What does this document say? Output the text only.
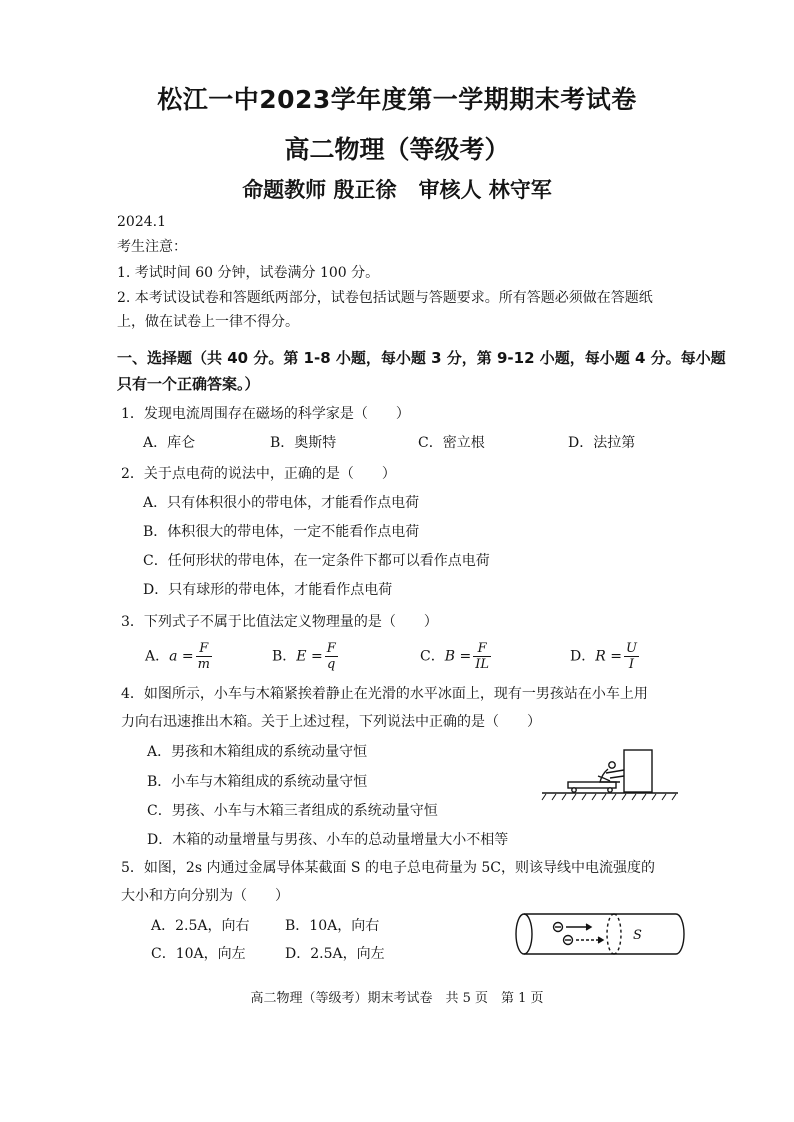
松江一中2023学年度第一学期期末考试卷
高二物理（等级考）
命题教师 殷正徐 审核人 林守军
2024.1
考生注意：
1. 考试时间 60 分钟，试卷满分 100 分。
2. 本考试设试卷和答题纸两部分，试卷包括试题与答题要求。所有答题必须做在答题纸
上，做在试卷上一律不得分。
一、选择题（共 40 分。第 1-8 小题，每小题 3 分，第 9-12 小题，每小题 4 分。每小题
只有一个正确答案。）
1．发现电流周围存在磁场的科学家是（　　）
A．库仑	B．奥斯特	C．密立根	D．法拉第
2．关于点电荷的说法中，正确的是（　　）
A．只有体积很小的带电体，才能看作点电荷
B．体积很大的带电体，一定不能看作点电荷
C．任何形状的带电体，在一定条件下都可以看作点电荷
D．只有球形的带电体，才能看作点电荷
3．下列式子不属于比值法定义物理量的是（　　）
A．$a = \frac{F}{m}$	B．$E = \frac{F}{q}$	C．$B = \frac{F}{IL}$	D．$R = \frac{U}{I}$
4．如图所示，小车与木箱紧挨着静止在光滑的水平冰面上，现有一男孩站在小车上用
力向右迅速推出木箱。关于上述过程，下列说法中正确的是（　　）
A．男孩和木箱组成的系统动量守恒
B．小车与木箱组成的系统动量守恒
C．男孩、小车与木箱三者组成的系统动量守恒
D．木箱的动量增量与男孩、小车的总动量增量大小不相等
5．如图，2s 内通过金属导体某截面 S 的电子总电荷量为 5C，则该导线中电流强度的
大小和方向分别为（　　）
A．2.5A，向右	B．10A，向右
C．10A，向左	D．2.5A，向左
S
高二物理（等级考）期末考试卷　共 5 页　第 1 页
